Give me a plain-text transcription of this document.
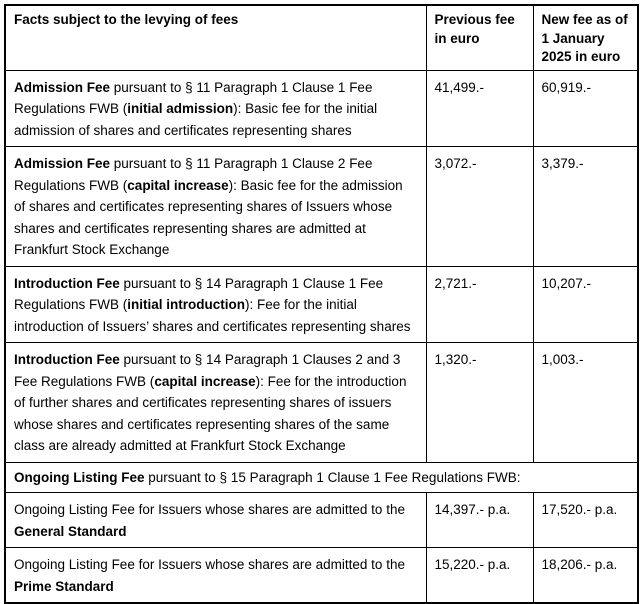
Facts subject to the levying of fees	Previous fee in euro	New fee as of 1 January 2025 in euro
Admission Fee pursuant to § 11 Paragraph 1 Clause 1 Fee Regulations FWB (initial admission): Basic fee for the initial admission of shares and certificates representing shares	41,499.-	60,919.-
Admission Fee pursuant to § 11 Paragraph 1 Clause 2 Fee Regulations FWB (capital increase): Basic fee for the admission of shares and certificates representing shares of Issuers whose shares and certificates representing shares are admitted at Frankfurt Stock Exchange	3,072.-	3,379.-
Introduction Fee pursuant to § 14 Paragraph 1 Clause 1 Fee Regulations FWB (initial introduction): Fee for the initial introduction of Issuers’ shares and certificates representing shares	2,721.-	10,207.-
Introduction Fee pursuant to § 14 Paragraph 1 Clauses 2 and 3 Fee Regulations FWB (capital increase): Fee for the introduction of further shares and certificates representing shares of issuers whose shares and certificates representing shares of the same class are already admitted at Frankfurt Stock Exchange	1,320.-	1,003.-
Ongoing Listing Fee pursuant to § 15 Paragraph 1 Clause 1 Fee Regulations FWB:		
Ongoing Listing Fee for Issuers whose shares are admitted to the General Standard	14,397.- p.a.	17,520.- p.a.
Ongoing Listing Fee for Issuers whose shares are admitted to the Prime Standard	15,220.- p.a.	18,206.- p.a.
